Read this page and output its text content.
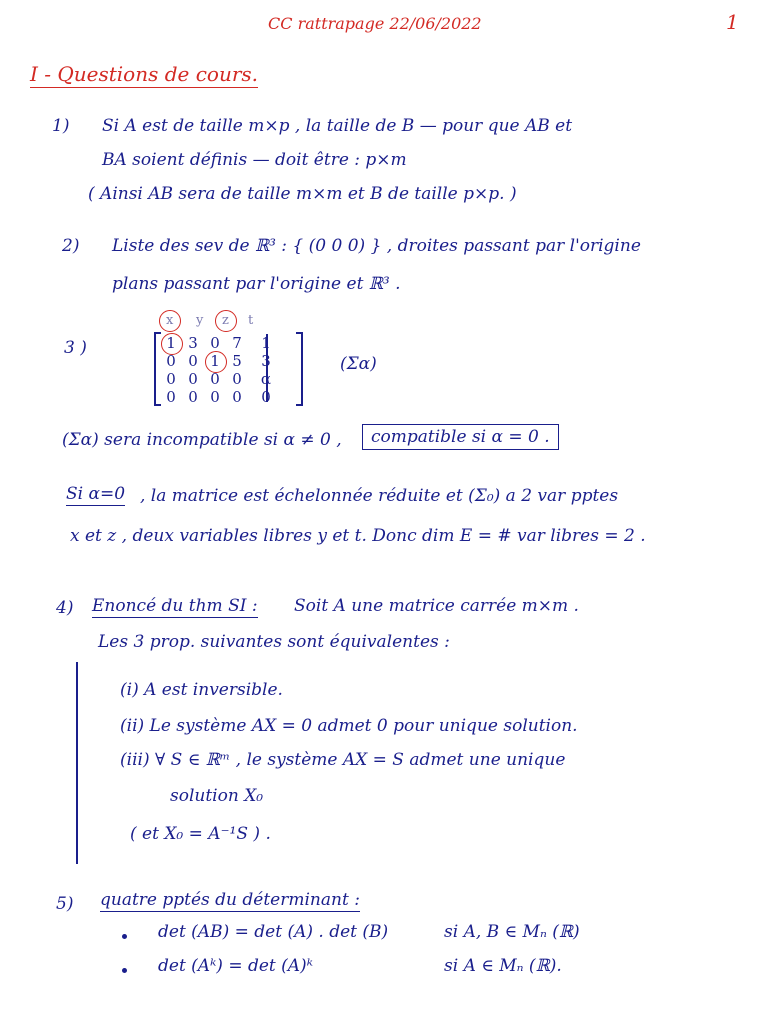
CC rattrapage 22/06/2022	1
I - Questions de cours.
1) Si A est de taille m×p , la taille de B — pour que AB et
BA soient définis — doit être : p×m
( Ainsi AB sera de taille m×m et B de taille p×p. )
2) Liste des sev de ℝ³ : { (0 0 0) } , droites passant par l'origine
plans passant par l'origine et ℝ³ .
3 )
x y z t
1	3	0	7	1
0	0	1	5	3
0	0	0	0	α
0	0	0	0	0
(Σα)
(Σα) sera incompatible si α ≠ 0 ,	compatible si α = 0 .
Si α=0 , la matrice est échelonnée réduite et (Σ₀) a 2 var pptes
x et z , deux variables libres y et t. Donc dim E = # var libres = 2 .
4) Enoncé du thm SI : Soit A une matrice carrée m×m .
Les 3 prop. suivantes sont équivalentes :
(i) A est inversible.
(ii) Le système AX = 0 admet 0 pour unique solution.
(iii) ∀ S ∈ ℝᵐ , le système AX = S admet une unique
solution X₀
( et X₀ = A⁻¹S ) .
5) quatre pptés du déterminant :
det (AB) = det (A) . det (B)	si A, B ∈ Mₙ (ℝ)
det (Aᵏ) = det (A)ᵏ	si A ∈ Mₙ (ℝ).
